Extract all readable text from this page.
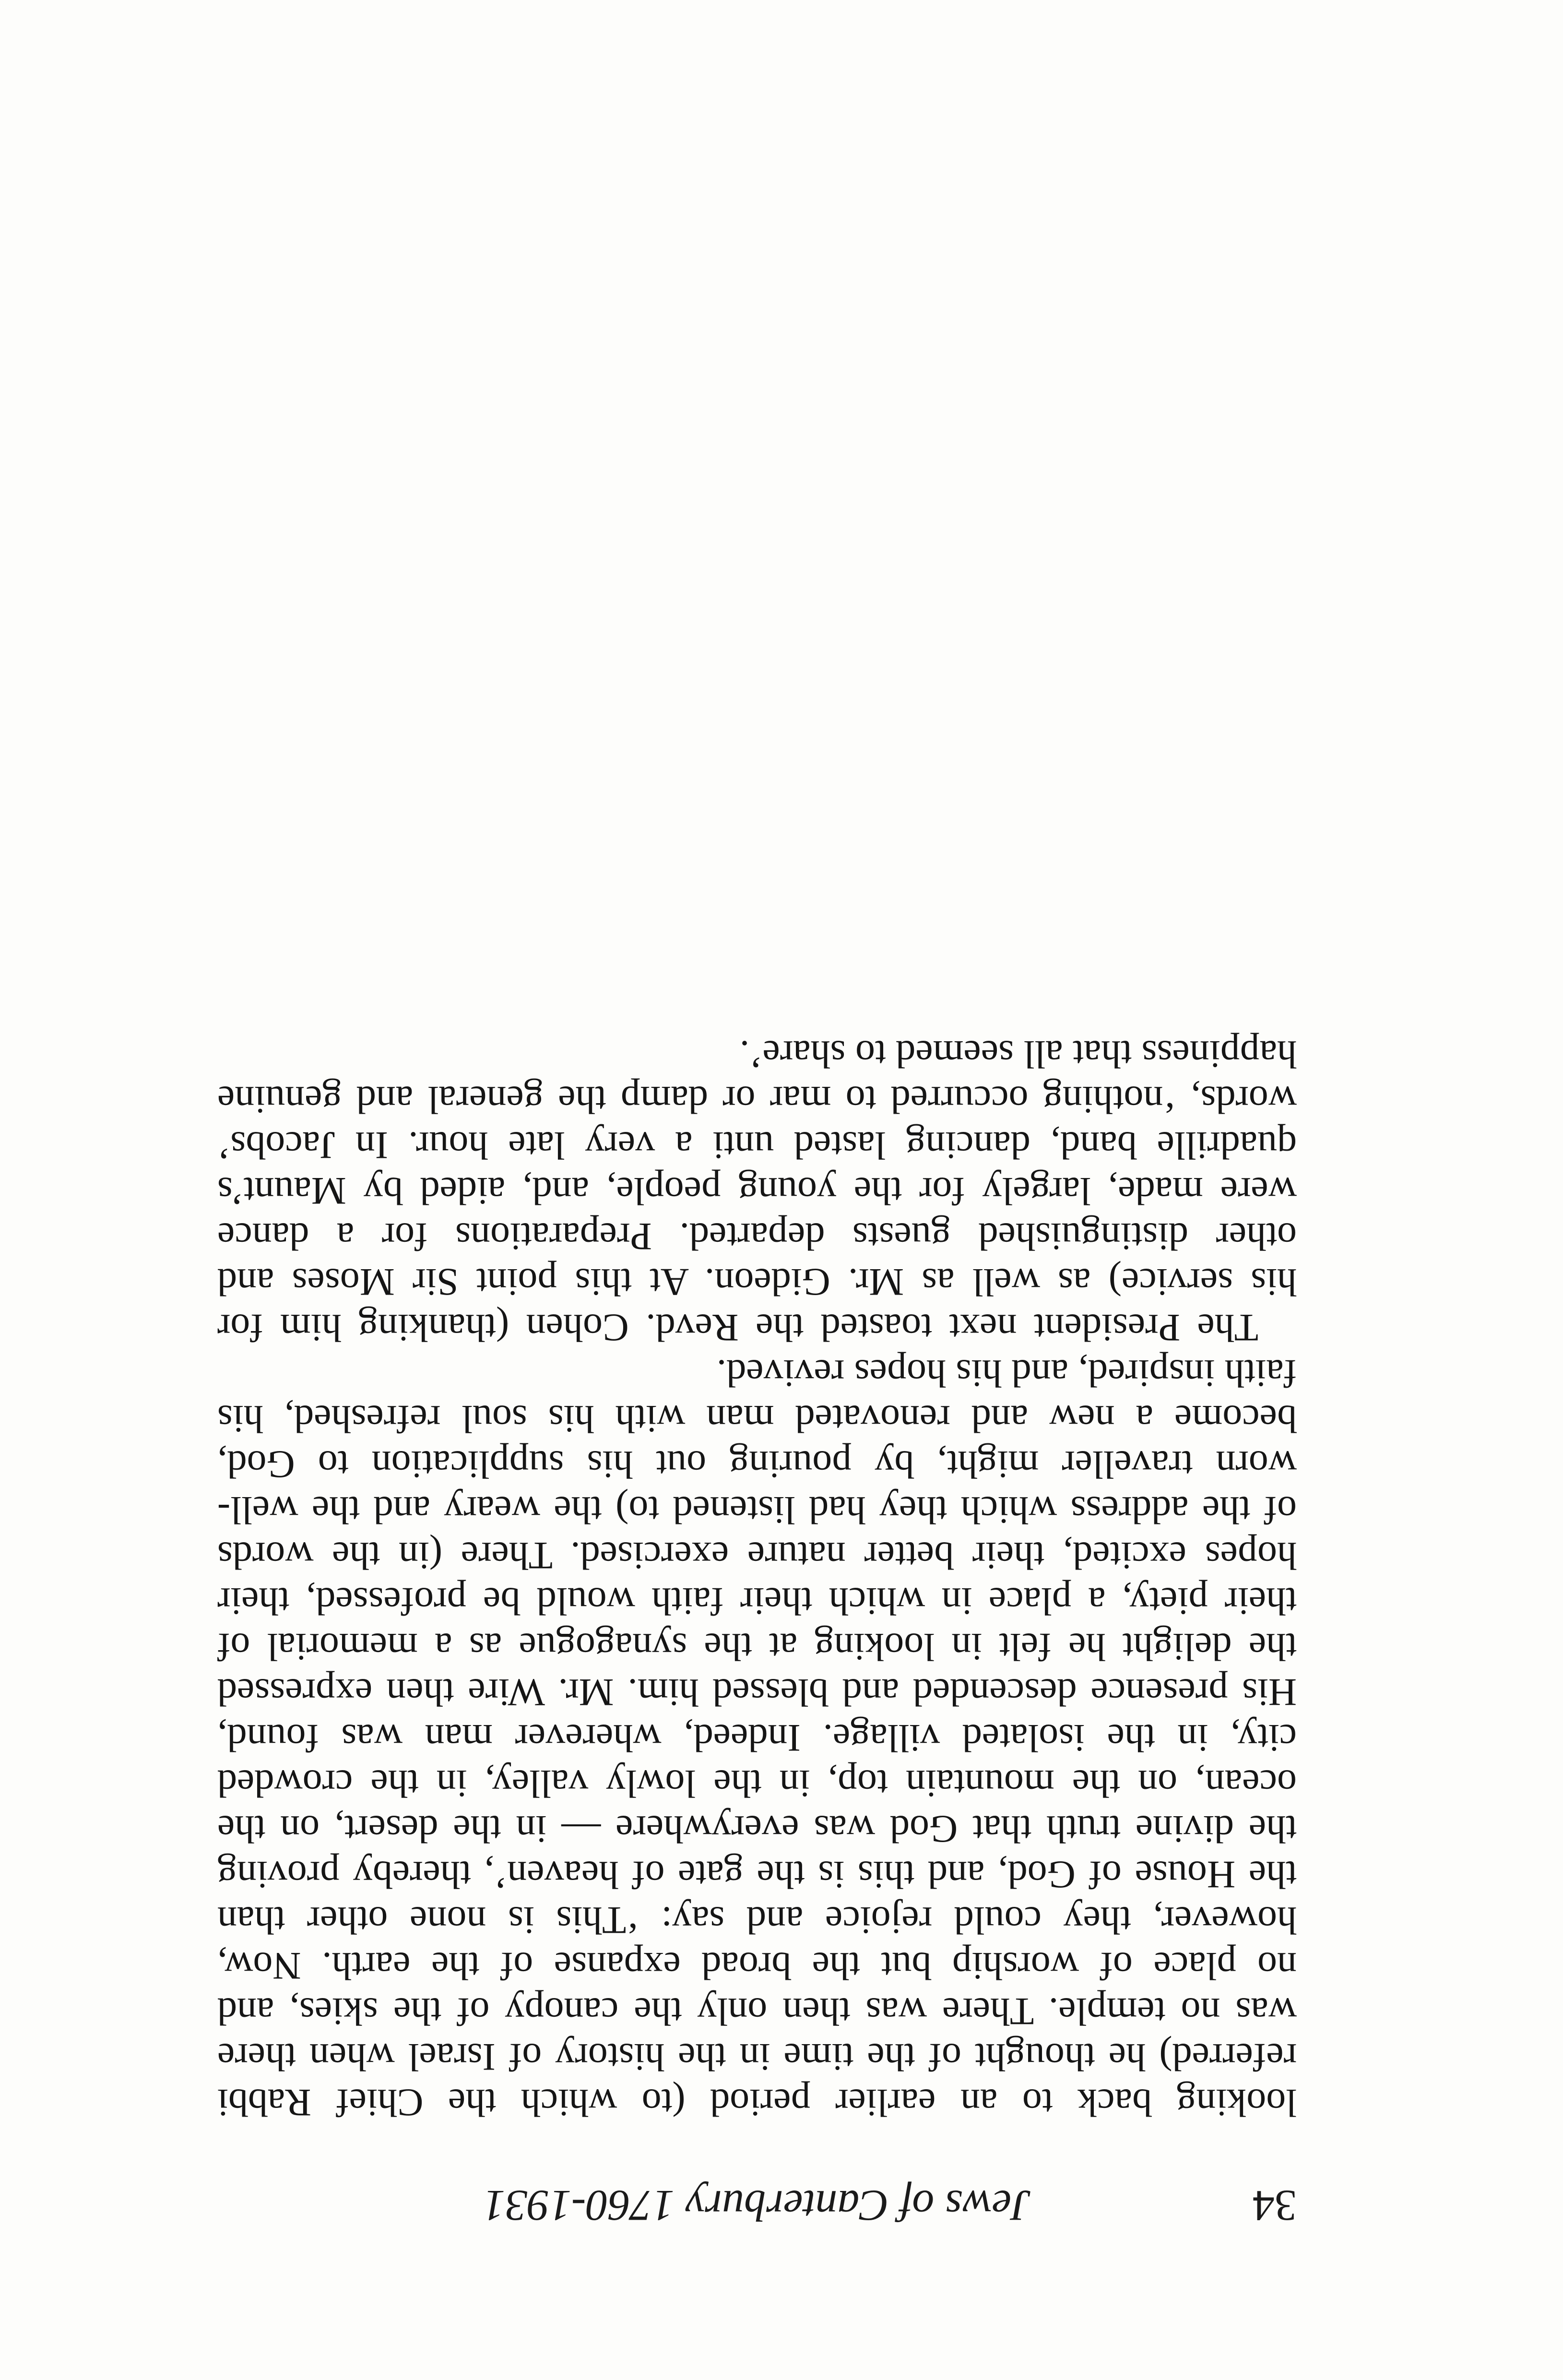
34
Jews of Canterbury 1760-1931
looking back to an earlier period (to which the Chief Rabbi
referred) he thought of the time in the history of Israel when there
was no temple. There was then only the canopy of the skies, and
no place of worship but the broad expanse of the earth. Now,
however, they could rejoice and say: ‘This is none other than
the House of God, and this is the gate of heaven’, thereby proving
the divine truth that God was everywhere — in the desert, on the
ocean, on the mountain top, in the lowly valley, in the crowded
city, in the isolated village. Indeed, wherever man was found,
His presence descended and blessed him. Mr. Wire then expressed
the delight he felt in looking at the synagogue as a memorial of
their piety, a place in which their faith would be professed, their
hopes excited, their better nature exercised. There (in the words
of the address which they had listened to) the weary and the well-
worn traveller might, by pouring out his supplication to God,
become a new and renovated man with his soul refreshed, his
faith inspired, and his hopes revived.
The President next toasted the Revd. Cohen (thanking him for
his service) as well as Mr. Gideon. At this point Sir Moses and
other distinguished guests departed. Preparations for a dance
were made, largely for the young people, and, aided by Maunt’s
quadrille band, dancing lasted unti a very late hour. In Jacobs’
words, ‘nothing occurred to mar or damp the general and genuine
happiness that all seemed to share’.
